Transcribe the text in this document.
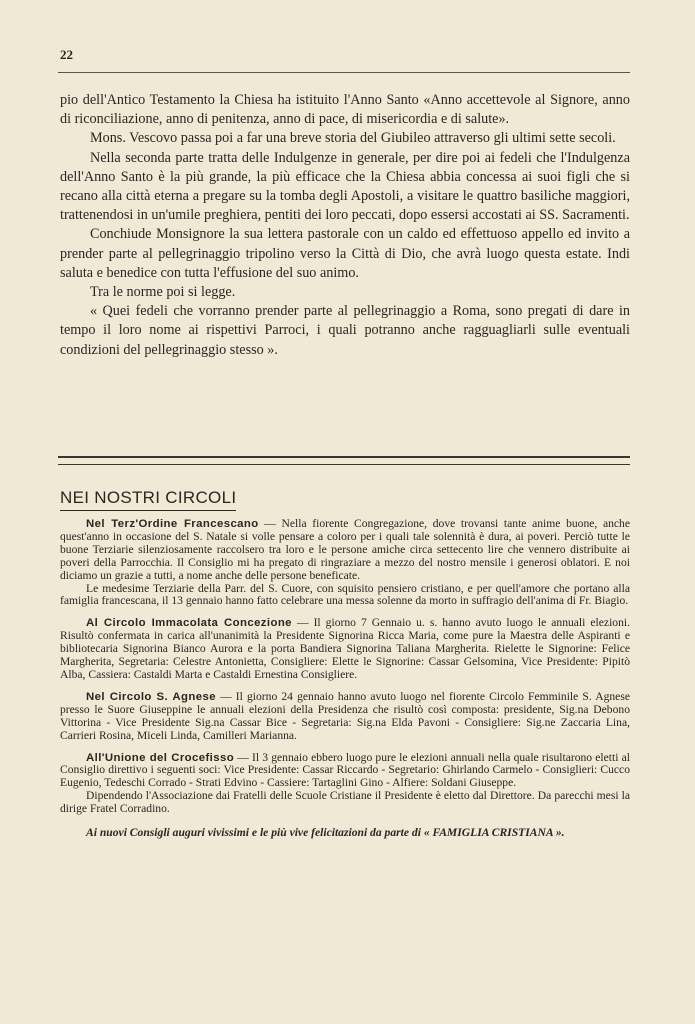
22

pio dell'Antico Testamento la Chiesa ha istituito l'Anno Santo «Anno accettevole al Signore, anno di riconciliazione, anno di penitenza, anno di pace, di misericordia e di salute».

Mons. Vescovo passa poi a far una breve storia del Giubileo attraverso gli ultimi sette secoli.

Nella seconda parte tratta delle Indulgenze in generale, per dire poi ai fedeli che l'Indulgenza dell'Anno Santo è la più grande, la più efficace che la Chiesa abbia concessa ai suoi figli che si recano alla città eterna a pregare su la tomba degli Apostoli, a visitare le quattro basiliche maggiori, trattenendosi in un'umile preghiera, pentiti dei loro peccati, dopo essersi accostati ai SS. Sacramenti.

Conchiude Monsignore la sua lettera pastorale con un caldo ed effettuoso appello ed invito a prender parte al pellegrinaggio tripolino verso la Città di Dio, che avrà luogo questa estate. Indi saluta e benedice con tutta l'effusione del suo animo.

Tra le norme poi si legge.

« Quei fedeli che vorranno prender parte al pellegrinaggio a Roma, sono pregati di dare in tempo il loro nome ai rispettivi Parroci, i quali potranno anche ragguagliarli sulle eventuali condizioni del pellegrinaggio stesso ».

NEI NOSTRI CIRCOLI

Nel Terz'Ordine Francescano — Nella fiorente Congregazione, dove trovansi tante anime buone, anche quest'anno in occasione del S. Natale si volle pensare a coloro per i quali tale solennità è dura, ai poveri. Perciò tutte le buone Terziarie silenziosamente raccolsero tra loro e le persone amiche circa settecento lire che vennero distribuite ai poveri della Parrocchia. Il Consiglio mi ha pregato di ringraziare a mezzo del nostro mensile i generosi oblatori. E noi diciamo un grazie a tutti, a nome anche delle persone beneficate.

Le medesime Terziarie della Parr. del S. Cuore, con squisito pensiero cristiano, e per quell'amore che portano alla famiglia francescana, il 13 gennaio hanno fatto celebrare una messa solenne da morto in suffragio dell'anima di Fr. Biagio.

Al Circolo Immacolata Concezione — Il giorno 7 Gennaio u. s. hanno avuto luogo le annuali elezioni. Risultò confermata in carica all'unanimità la Presidente Signorina Ricca Maria, come pure la Maestra delle Aspiranti e bibliotecaria Signorina Bianco Aurora e la porta Bandiera Signorina Taliana Margherita. Rielette le Signorine: Felice Margherita, Segretaria: Celestre Antonietta, Consigliere: Elette le Signorine: Cassar Gelsomina, Vice Presidente: Pipitò Alba, Cassiera: Castaldi Marta e Castaldi Ernestina Consigliere.

Nel Circolo S. Agnese — Il giorno 24 gennaio hanno avuto luogo nel fiorente Circolo Femminile S. Agnese presso le Suore Giuseppine le annuali elezioni della Presidenza che risultò così composta: presidente, Sig.na Debono Vittorina - Vice Presidente Sig.na Cassar Bice - Segretaria: Sig.na Elda Pavoni - Consigliere: Sig.ne Zaccaria Lina, Carrieri Rosina, Miceli Linda, Camilleri Marianna.

All'Unione del Crocefisso — Il 3 gennaio ebbero luogo pure le elezioni annuali nella quale risultarono eletti al Consiglio direttivo i seguenti soci: Vice Presidente: Cassar Riccardo - Segretario: Ghirlando Carmelo - Consiglieri: Cucco Eugenio, Tedeschi Corrado - Strati Edvino - Cassiere: Tartaglini Gino - Alfiere: Soldani Giuseppe.

Dipendendo l'Associazione dai Fratelli delle Scuole Cristiane il Presidente è eletto dal Direttore. Da parecchi mesi la dirige Fratel Corradino.

Ai nuovi Consigli auguri vivissimi e le più vive felicitazioni da parte di « FAMIGLIA CRISTIANA ».
